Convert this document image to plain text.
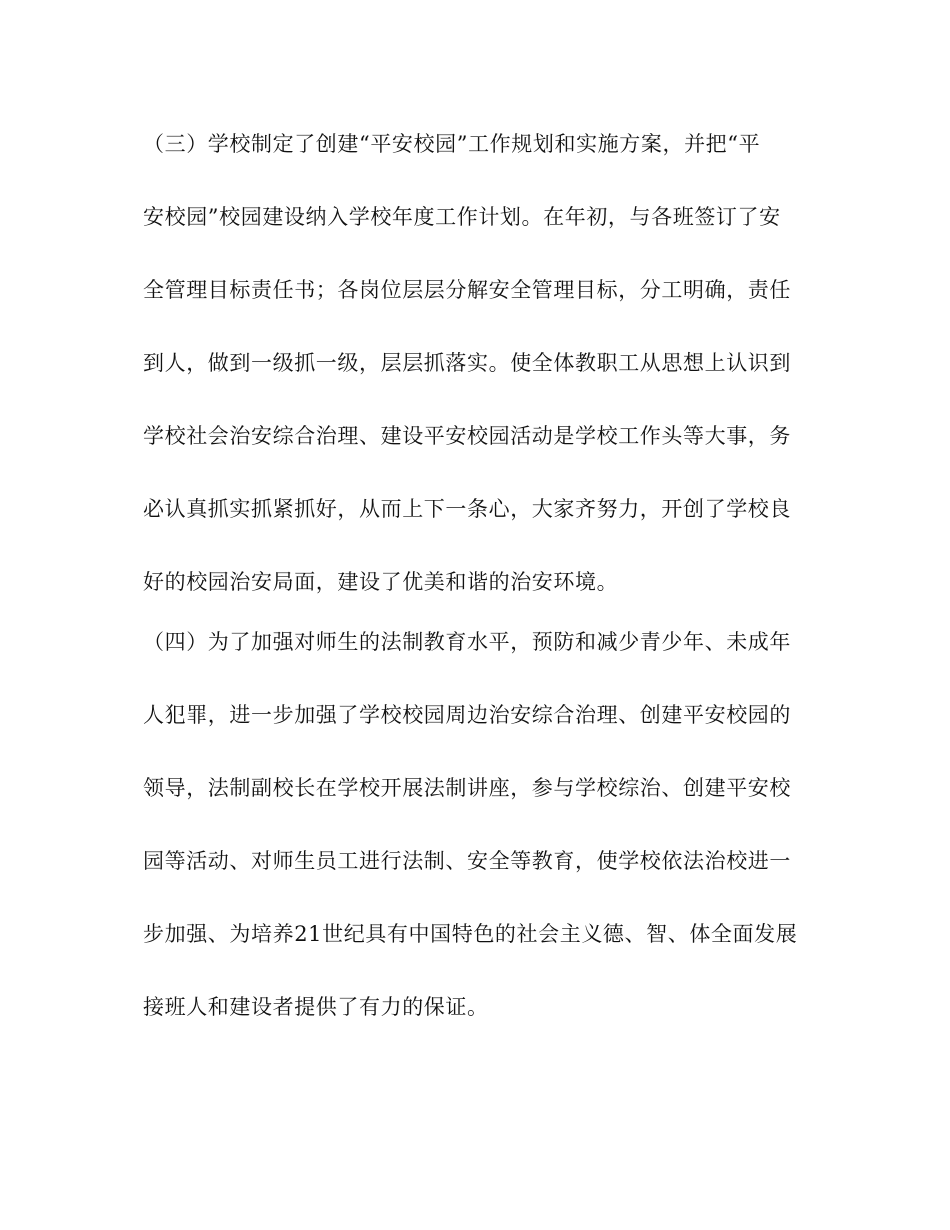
（三）学校制定了创建“平安校园”工作规划和实施方案，并把“平
安校园”校园建设纳入学校年度工作计划。在年初，与各班签订了安
全管理目标责任书；各岗位层层分解安全管理目标，分工明确，责任
到人，做到一级抓一级，层层抓落实。使全体教职工从思想上认识到
学校社会治安综合治理、建设平安校园活动是学校工作头等大事，务
必认真抓实抓紧抓好，从而上下一条心，大家齐努力，开创了学校良
好的校园治安局面，建设了优美和谐的治安环境。
（四）为了加强对师生的法制教育水平，预防和减少青少年、未成年
人犯罪，进一步加强了学校校园周边治安综合治理、创建平安校园的
领导，法制副校长在学校开展法制讲座，参与学校综治、创建平安校
园等活动、对师生员工进行法制、安全等教育，使学校依法治校进一
步加强、为培养21世纪具有中国特色的社会主义德、智、体全面发展
接班人和建设者提供了有力的保证。
